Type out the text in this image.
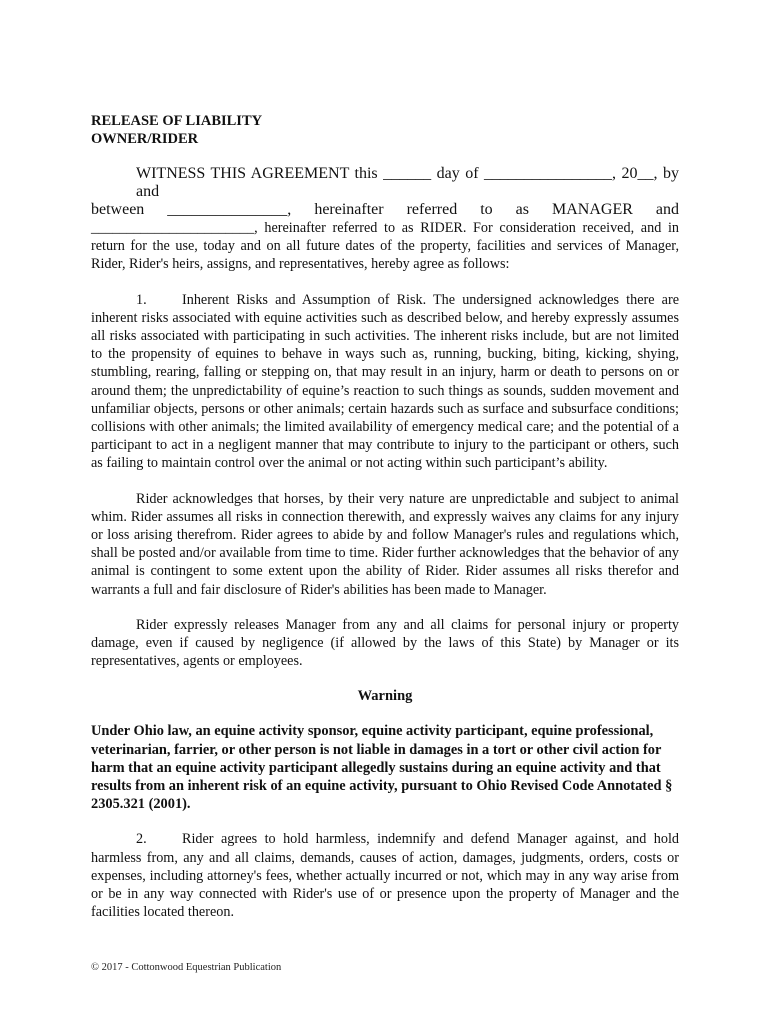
RELEASE OF LIABILITY

OWNER/RIDER

WITNESS THIS AGREEMENT this ______ day of ________________, 20__, by and
between _______________, hereinafter referred to as MANAGER and

_______________________, hereinafter referred to as RIDER. For consideration received, and in return for the use, today and on all future dates of the property, facilities and services of Manager, Rider, Rider's heirs, assigns, and representatives, hereby agree as follows:

1. Inherent Risks and Assumption of Risk. The undersigned acknowledges there are inherent risks associated with equine activities such as described below, and hereby expressly assumes all risks associated with participating in such activities. The inherent risks include, but are not limited to the propensity of equines to behave in ways such as, running, bucking, biting, kicking, shying, stumbling, rearing, falling or stepping on, that may result in an injury, harm or death to persons on or around them; the unpredictability of equine’s reaction to such things as sounds, sudden movement and unfamiliar objects, persons or other animals; certain hazards such as surface and subsurface conditions; collisions with other animals; the limited availability of emergency medical care; and the potential of a participant to act in a negligent manner that may contribute to injury to the participant or others, such as failing to maintain control over the animal or not acting within such participant’s ability.

Rider acknowledges that horses, by their very nature are unpredictable and subject to animal whim. Rider assumes all risks in connection therewith, and expressly waives any claims for any injury or loss arising therefrom. Rider agrees to abide by and follow Manager's rules and regulations which, shall be posted and/or available from time to time. Rider further acknowledges that the behavior of any animal is contingent to some extent upon the ability of Rider. Rider assumes all risks therefor and warrants a full and fair disclosure of Rider's abilities has been made to Manager.

Rider expressly releases Manager from any and all claims for personal injury or property damage, even if caused by negligence (if allowed by the laws of this State) by Manager or its representatives, agents or employees.

Warning

Under Ohio law, an equine activity sponsor, equine activity participant, equine professional, veterinarian, farrier, or other person is not liable in damages in a tort or other civil action for harm that an equine activity participant allegedly sustains during an equine activity and that results from an inherent risk of an equine activity, pursuant to Ohio Revised Code Annotated § 2305.321 (2001).

2. Rider agrees to hold harmless, indemnify and defend Manager against, and hold harmless from, any and all claims, demands, causes of action, damages, judgments, orders, costs or expenses, including attorney's fees, whether actually incurred or not, which may in any way arise from or be in any way connected with Rider's use of or presence upon the property of Manager and the facilities located thereon.

© 2017 - Cottonwood Equestrian Publication
